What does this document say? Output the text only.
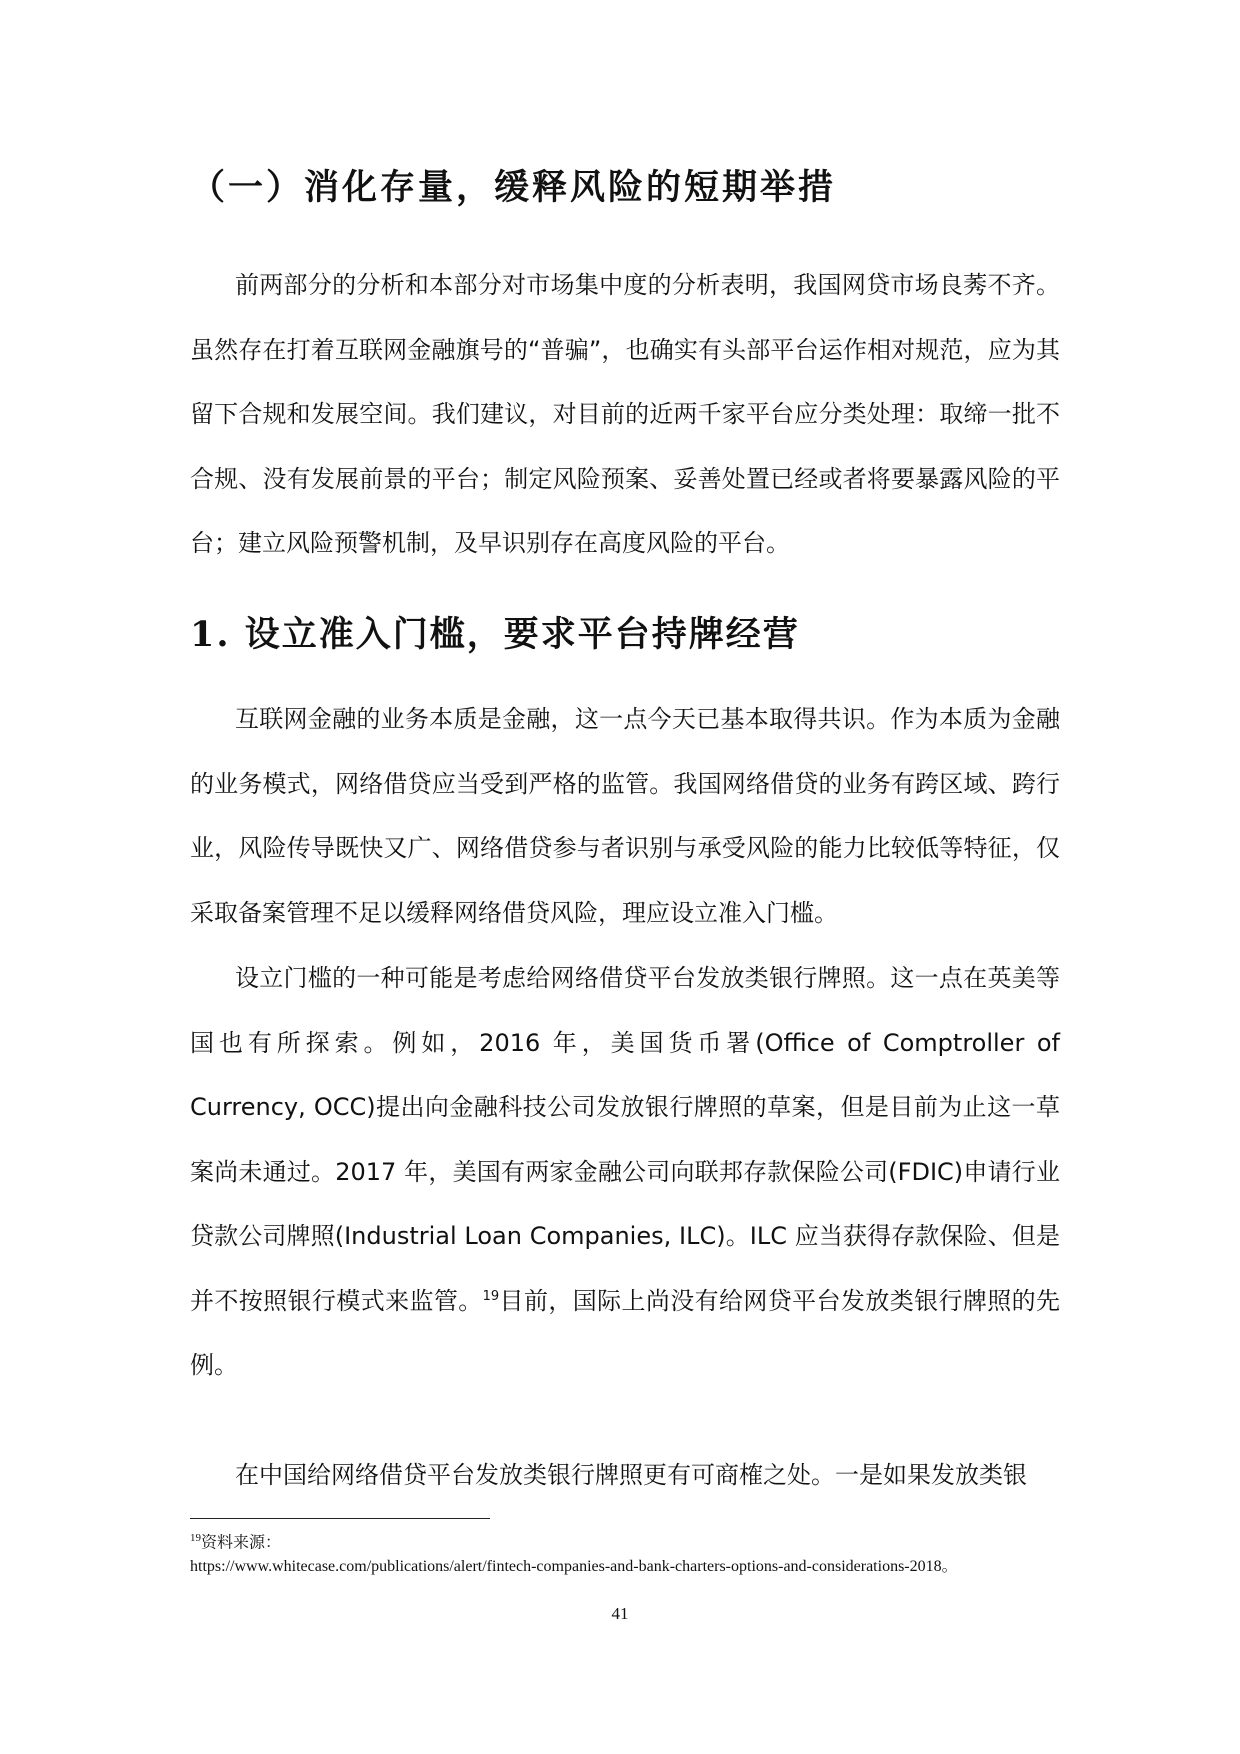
（一）消化存量，缓释风险的短期举措

前两部分的分析和本部分对市场集中度的分析表明，我国网贷市场良莠不齐。虽然存在打着互联网金融旗号的“普骗”，也确实有头部平台运作相对规范，应为其留下合规和发展空间。我们建议，对目前的近两千家平台应分类处理：取缔一批不合规、没有发展前景的平台；制定风险预案、妥善处置已经或者将要暴露风险的平台；建立风险预警机制，及早识别存在高度风险的平台。

1. 设立准入门槛，要求平台持牌经营

互联网金融的业务本质是金融，这一点今天已基本取得共识。作为本质为金融的业务模式，网络借贷应当受到严格的监管。我国网络借贷的业务有跨区域、跨行业，风险传导既快又广、网络借贷参与者识别与承受风险的能力比较低等特征，仅采取备案管理不足以缓释网络借贷风险，理应设立准入门槛。

设立门槛的一种可能是考虑给网络借贷平台发放类银行牌照。这一点在英美等国也有所探索。例如，2016 年，美国货币署(Office of Comptroller of Currency, OCC)提出向金融科技公司发放银行牌照的草案，但是目前为止这一草案尚未通过。2017 年，美国有两家金融公司向联邦存款保险公司(FDIC)申请行业贷款公司牌照(Industrial Loan Companies, ILC)。ILC 应当获得存款保险、但是并不按照银行模式来监管。$^{19}$目前，国际上尚没有给网贷平台发放类银行牌照的先例。

在中国给网络借贷平台发放类银行牌照更有可商榷之处。一是如果发放类银

$^{19}$资料来源：
https://www.whitecase.com/publications/alert/fintech-companies-and-bank-charters-options-and-considerations-2018。

41
